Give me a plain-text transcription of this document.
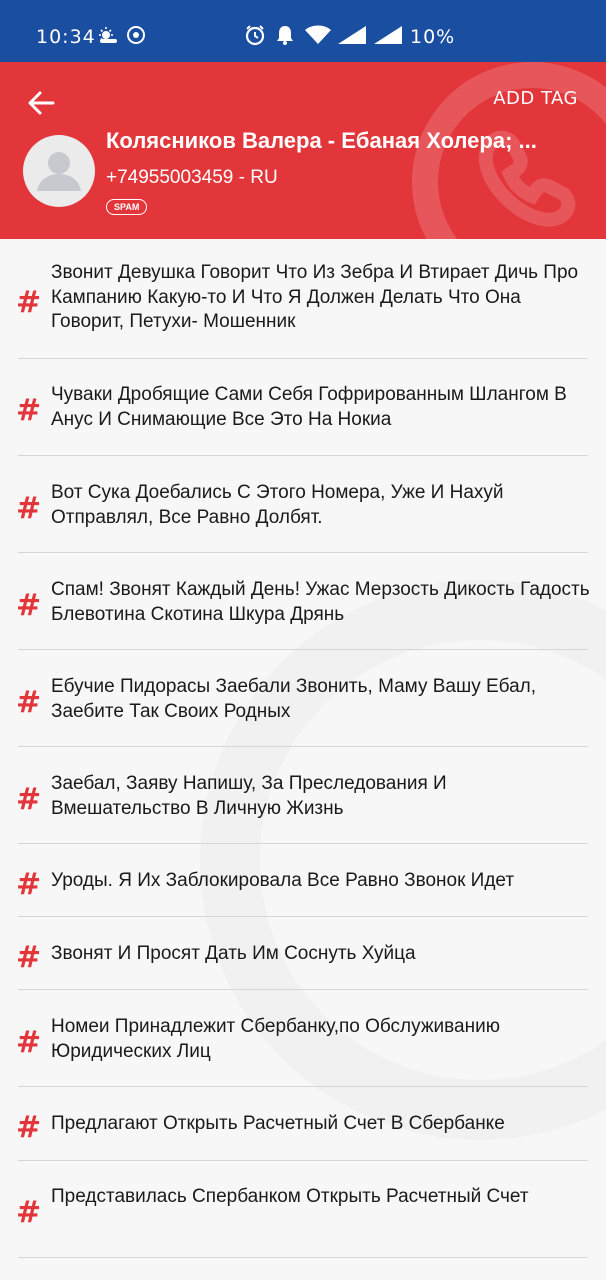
10:34	10%
ADD TAG
Колясников Валера - Ебаная Холера; ...
+74955003459 - RU
SPAM
#
Звонит Девушка Говорит Что Из Зебра И Втирает Дичь Про Кампанию Какую-то И Что Я Должен Делать Что Она Говорит, Петухи- Мошенник
# Чуваки Дробящие Сами Себя Гофрированным Шлангом В Анус И Снимающие Все Это На Нокиа
# Вот Сука Доебались С Этого Номера, Уже И Нахуй Отправлял, Все Равно Долбят.
# Спам! Звонят Каждый День! Ужас Мерзость Дикость Гадость Блевотина Скотина Шкура Дрянь
# Ебучие Пидорасы Заебали Звонить, Маму Вашу Ебал, Заебите Так Своих Родных
# Заебал, Заяву Напишу, За Преследования И Вмешательство В Личную Жизнь
# Уроды. Я Их Заблокировала Все Равно Звонок Идет
# Звонят И Просят Дать Им Соснуть Хуйца
# Номеи Принадлежит Сбербанку,по Обслуживанию Юридических Лиц
# Предлагают Открыть Расчетный Счет В Сбербанке
# Представилась Спербанком Открыть Расчетный Счет
